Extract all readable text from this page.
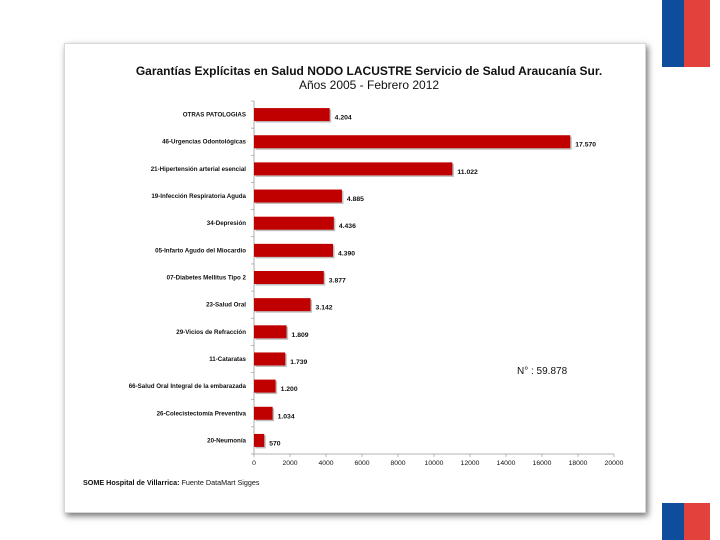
Garantías Explícitas en Salud NODO LACUSTRE Servicio de Salud Araucanía Sur.
Años 2005 - Febrero 2012
OTRAS PATOLOGIAS	4.204
46-Urgencias Odontológicas	17.570
21-Hipertensión arterial esencial	11.022
19-Infección Respiratoria Aguda	4.885
34-Depresión	4.436
05-Infarto Agudo del Miocardio	4.390
07-Diabetes Mellitus Tipo 2	3.877
23-Salud Oral	3.142
29-Vicios de Refracción	1.809
11-Cataratas	1.739
66-Salud Oral Integral de la embarazada	1.200
26-Colecistectomía Preventiva	1.034
20-Neumonía	570
0	2000	4000	6000	8000	10000	12000	14000	16000	18000	20000
N° : 59.878
SOME Hospital de Villarrica: Fuente DataMart Sigges
